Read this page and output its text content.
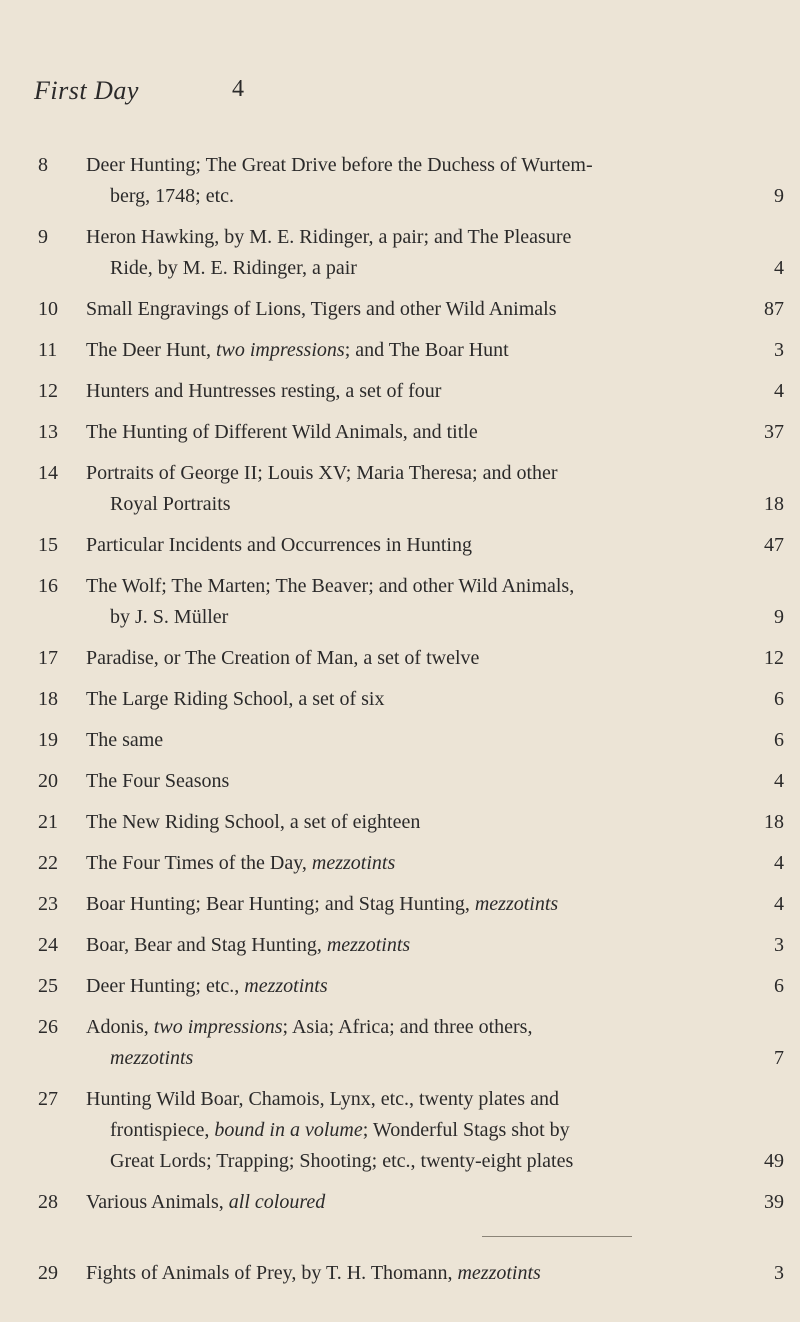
First Day	4
8	Deer Hunting; The Great Drive before the Duchess of Wurtem-
berg, 1748; etc.	9
9	Heron Hawking, by M. E. Ridinger, a pair; and The Pleasure
Ride, by M. E. Ridinger, a pair	4
10	Small Engravings of Lions, Tigers and other Wild Animals	87
11	The Deer Hunt, two impressions; and The Boar Hunt	3
12	Hunters and Huntresses resting, a set of four	4
13	The Hunting of Different Wild Animals, and title	37
14	Portraits of George II; Louis XV; Maria Theresa; and other
Royal Portraits	18
15	Particular Incidents and Occurrences in Hunting	47
16	The Wolf; The Marten; The Beaver; and other Wild Animals,
by J. S. Müller	9
17	Paradise, or The Creation of Man, a set of twelve	12
18	The Large Riding School, a set of six	6
19	The same	6
20	The Four Seasons	4
21	The New Riding School, a set of eighteen	18
22	The Four Times of the Day, mezzotints	4
23	Boar Hunting; Bear Hunting; and Stag Hunting, mezzotints	4
24	Boar, Bear and Stag Hunting, mezzotints	3
25	Deer Hunting; etc., mezzotints	6
26	Adonis, two impressions; Asia; Africa; and three others,
mezzotints	7
27	Hunting Wild Boar, Chamois, Lynx, etc., twenty plates and
frontispiece, bound in a volume; Wonderful Stags shot by
Great Lords; Trapping; Shooting; etc., twenty-eight plates	49
28	Various Animals, all coloured	39
29	Fights of Animals of Prey, by T. H. Thomann, mezzotints	3
